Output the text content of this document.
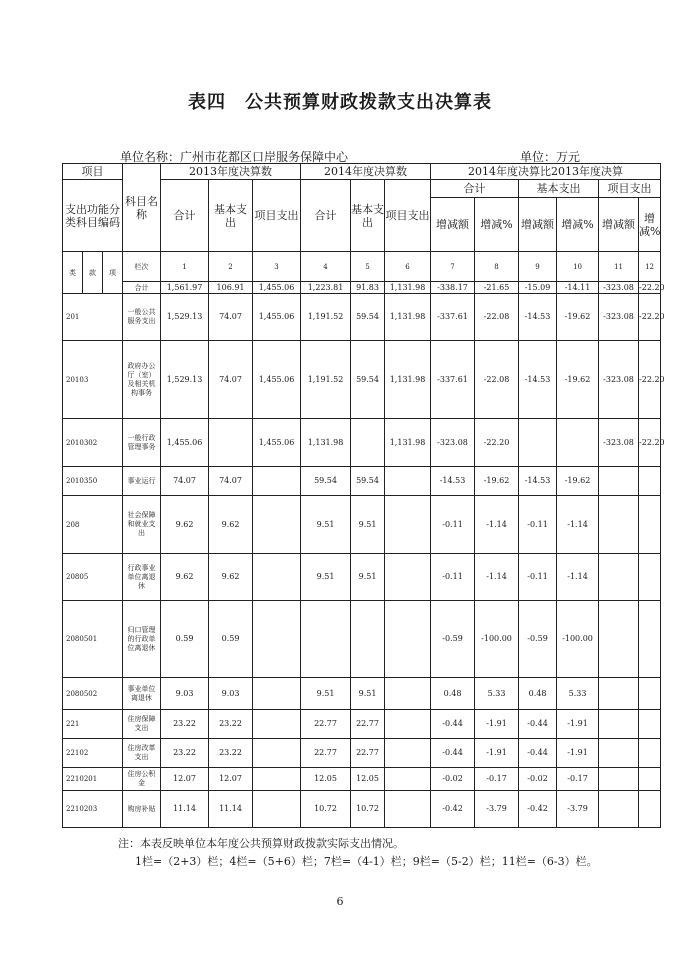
表四　公共预算财政拨款支出决算表
单位名称：广州市花都区口岸服务保障中心	单位：万元
项目			科目名称	2013年度决算数			2014年度决算数			2014年度决算比2013年度决算					
支出功能分类科目编码				合计	基本支出	项目支出	合计	基本支出	项目支出	合计		基本支出		项目支出	
										增减额	增减%	增减额	增减%	增减额	增减%
类	款	项	栏次	1	2	3	4	5	6	7	8	9	10	11	12
			合计	1,561.97	106.91	1,455.06	1,223.81	91.83	1,131.98	-338.17	-21.65	-15.09	-14.11	-323.08	-22.20
201			一般公共服务支出	1,529.13	74.07	1,455.06	1,191.52	59.54	1,131.98	-337.61	-22.08	-14.53	-19.62	-323.08	-22.20
20103			政府办公厅（室）及相关机构事务	1,529.13	74.07	1,455.06	1,191.52	59.54	1,131.98	-337.61	-22.08	-14.53	-19.62	-323.08	-22.20
2010302			一般行政管理事务	1,455.06		1,455.06	1,131.98		1,131.98	-323.08	-22.20			-323.08	-22.20
2010350			事业运行	74.07	74.07		59.54	59.54		-14.53	-19.62	-14.53	-19.62		
208			社会保障和就业支出	9.62	9.62		9.51	9.51		-0.11	-1.14	-0.11	-1.14		
20805			行政事业单位离退休	9.62	9.62		9.51	9.51		-0.11	-1.14	-0.11	-1.14		
2080501			归口管理的行政单位离退休	0.59	0.59					-0.59	-100.00	-0.59	-100.00		
2080502			事业单位离退休	9.03	9.03		9.51	9.51		0.48	5.33	0.48	5.33		
221			住房保障支出	23.22	23.22		22.77	22.77		-0.44	-1.91	-0.44	-1.91		
22102			住房改革支出	23.22	23.22		22.77	22.77		-0.44	-1.91	-0.44	-1.91		
2210201			住房公积金	12.07	12.07		12.05	12.05		-0.02	-0.17	-0.02	-0.17		
2210203			购房补贴	11.14	11.14		10.72	10.72		-0.42	-3.79	-0.42	-3.79		
注：本表反映单位本年度公共预算财政拨款实际支出情况。
1栏=（2+3）栏；4栏=（5+6）栏；7栏=（4-1）栏；9栏=（5-2）栏；11栏=（6-3）栏。
6
